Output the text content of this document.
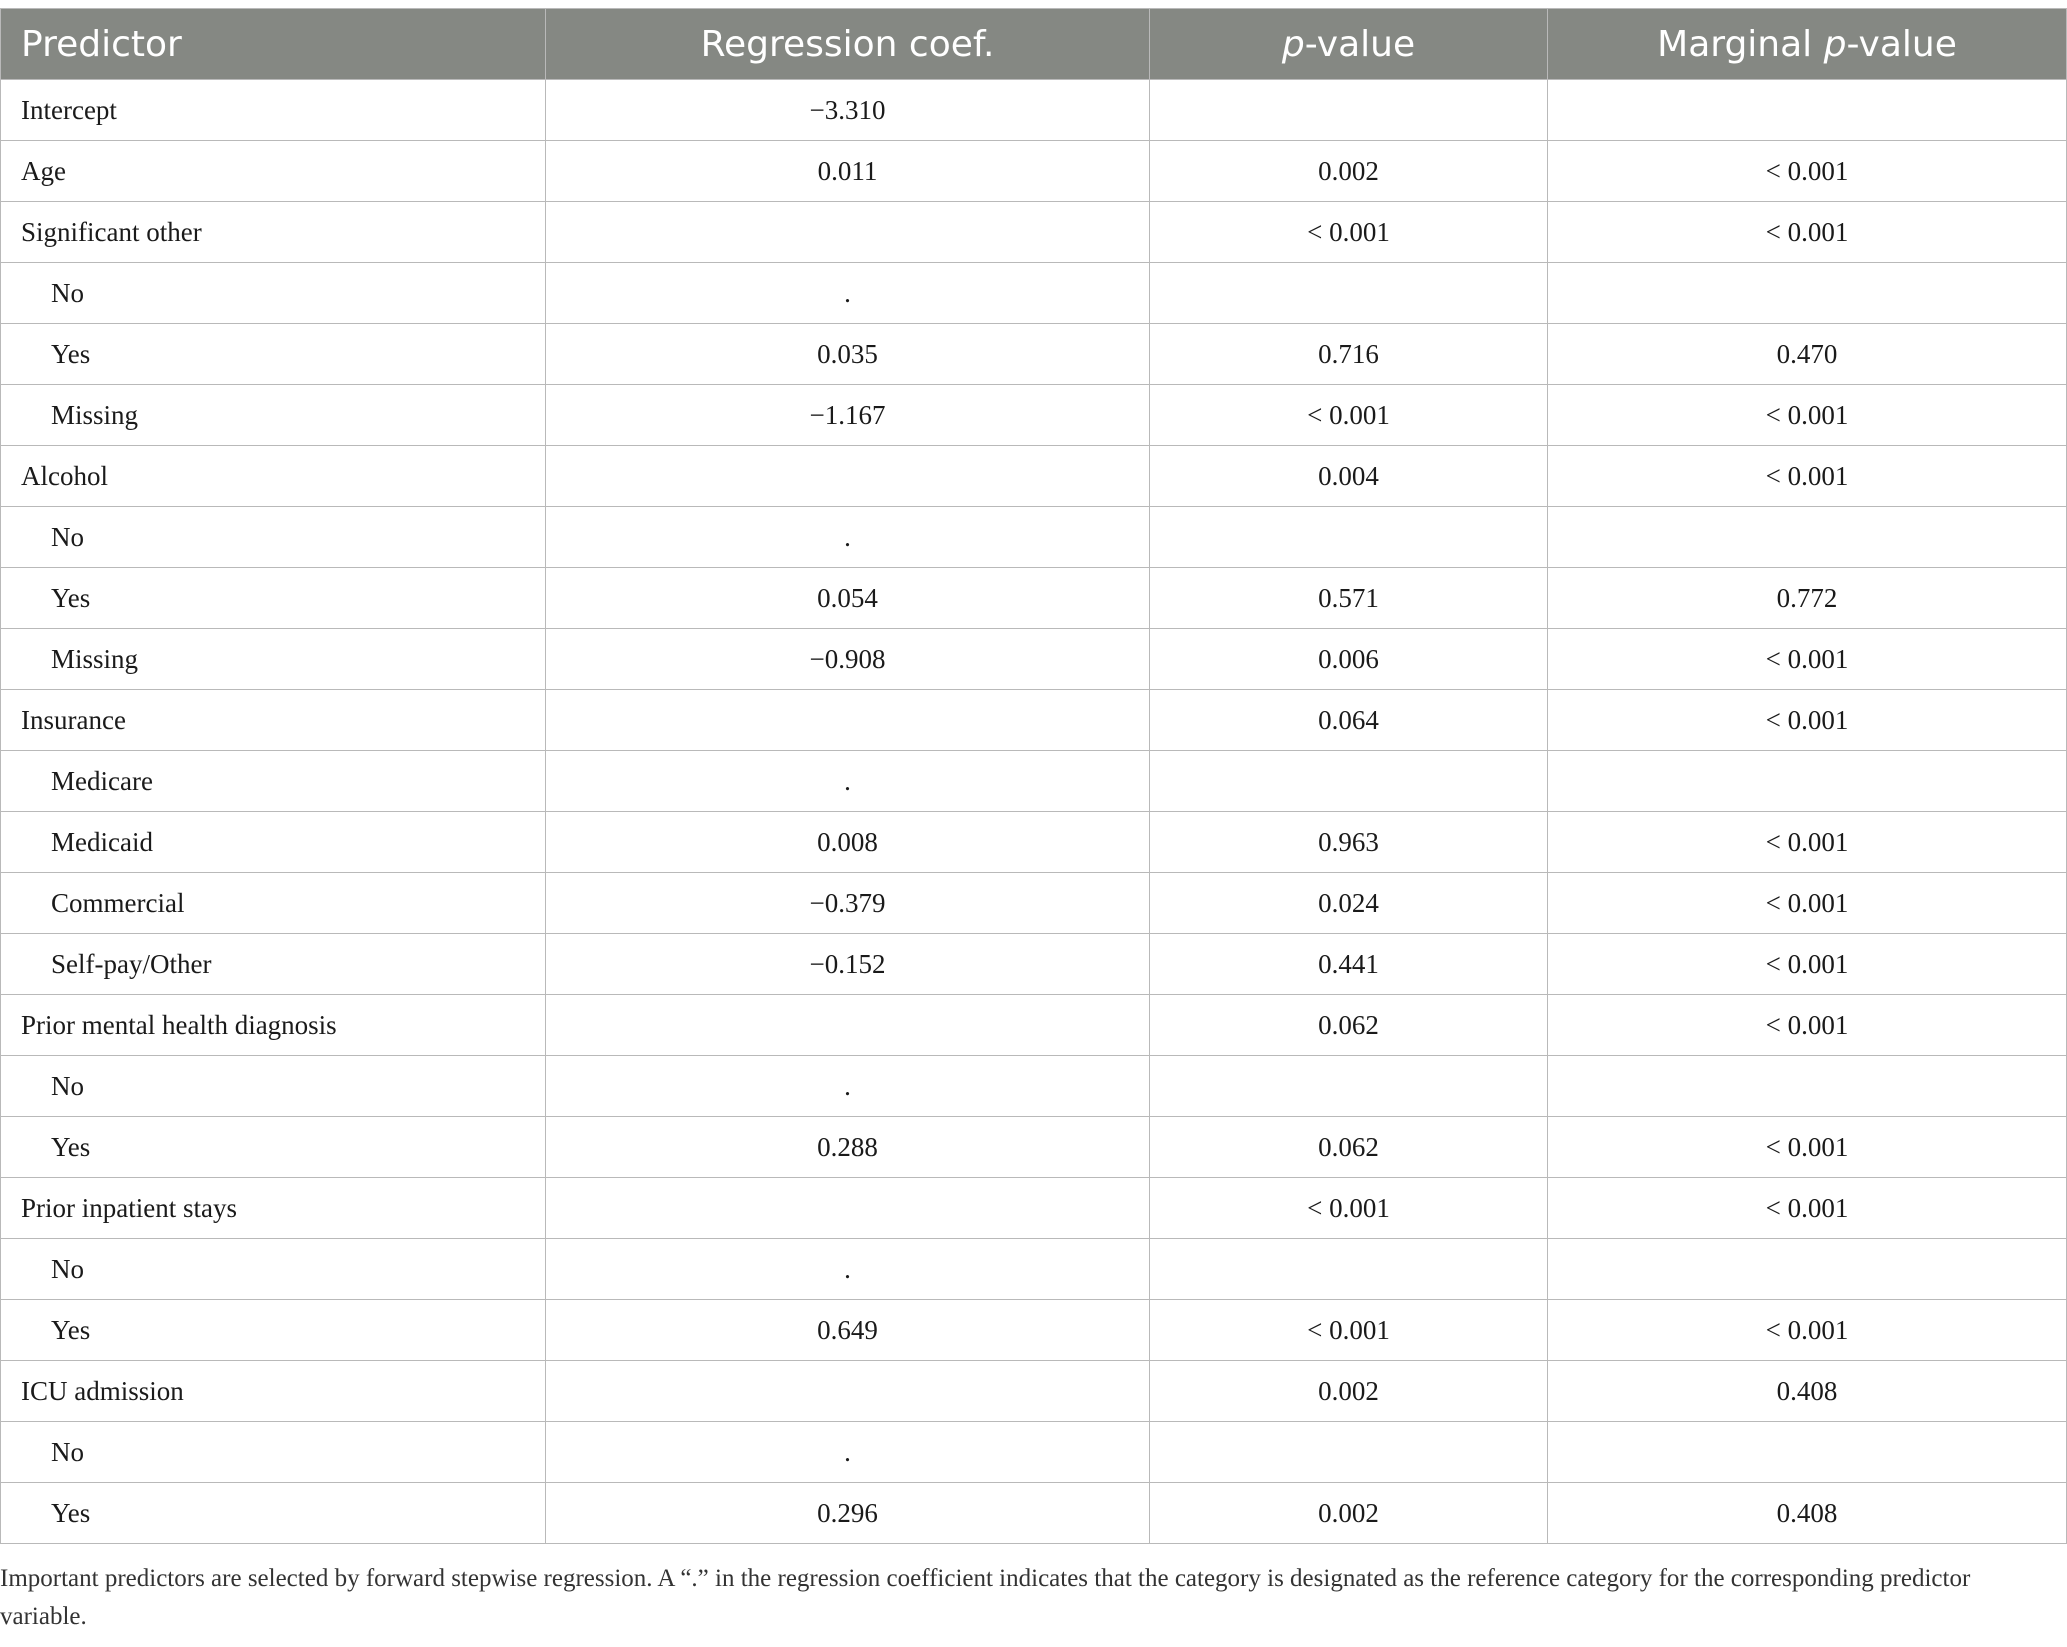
Predictor	Regression coef.	p-value	Marginal p-value
Intercept	−3.310		
Age	0.011	0.002	< 0.001
Significant other		< 0.001	< 0.001
No	.		
Yes	0.035	0.716	0.470
Missing	−1.167	< 0.001	< 0.001
Alcohol		0.004	< 0.001
No	.		
Yes	0.054	0.571	0.772
Missing	−0.908	0.006	< 0.001
Insurance		0.064	< 0.001
Medicare	.		
Medicaid	0.008	0.963	< 0.001
Commercial	−0.379	0.024	< 0.001
Self-pay/Other	−0.152	0.441	< 0.001
Prior mental health diagnosis		0.062	< 0.001
No	.		
Yes	0.288	0.062	< 0.001
Prior inpatient stays		< 0.001	< 0.001
No	.		
Yes	0.649	< 0.001	< 0.001
ICU admission		0.002	0.408
No	.		
Yes	0.296	0.002	0.408
Important predictors are selected by forward stepwise regression. A “.” in the regression coefficient indicates that the category is designated as the reference category for the corresponding predictor variable.
